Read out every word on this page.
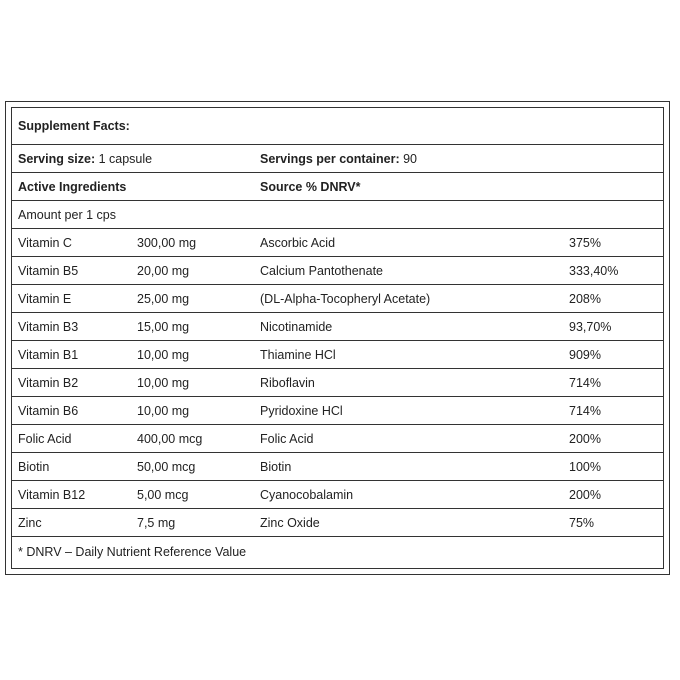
Supplement Facts:
Serving size: 1 capsule	Servings per container: 90
Active Ingredients	Source % DNRV*
Amount per 1 cps
Vitamin C	300,00 mg	Ascorbic Acid	375%
Vitamin B5	20,00 mg	Calcium Pantothenate	333,40%
Vitamin E	25,00 mg	(DL-Alpha-Tocopheryl Acetate)	208%
Vitamin B3	15,00 mg	Nicotinamide	93,70%
Vitamin B1	10,00 mg	Thiamine HCl	909%
Vitamin B2	10,00 mg	Riboflavin	714%
Vitamin B6	10,00 mg	Pyridoxine HCl	714%
Folic Acid	400,00 mcg	Folic Acid	200%
Biotin	50,00 mcg	Biotin	100%
Vitamin B12	5,00 mcg	Cyanocobalamin	200%
Zinc	7,5 mg	Zinc Oxide	75%
* DNRV – Daily Nutrient Reference Value
